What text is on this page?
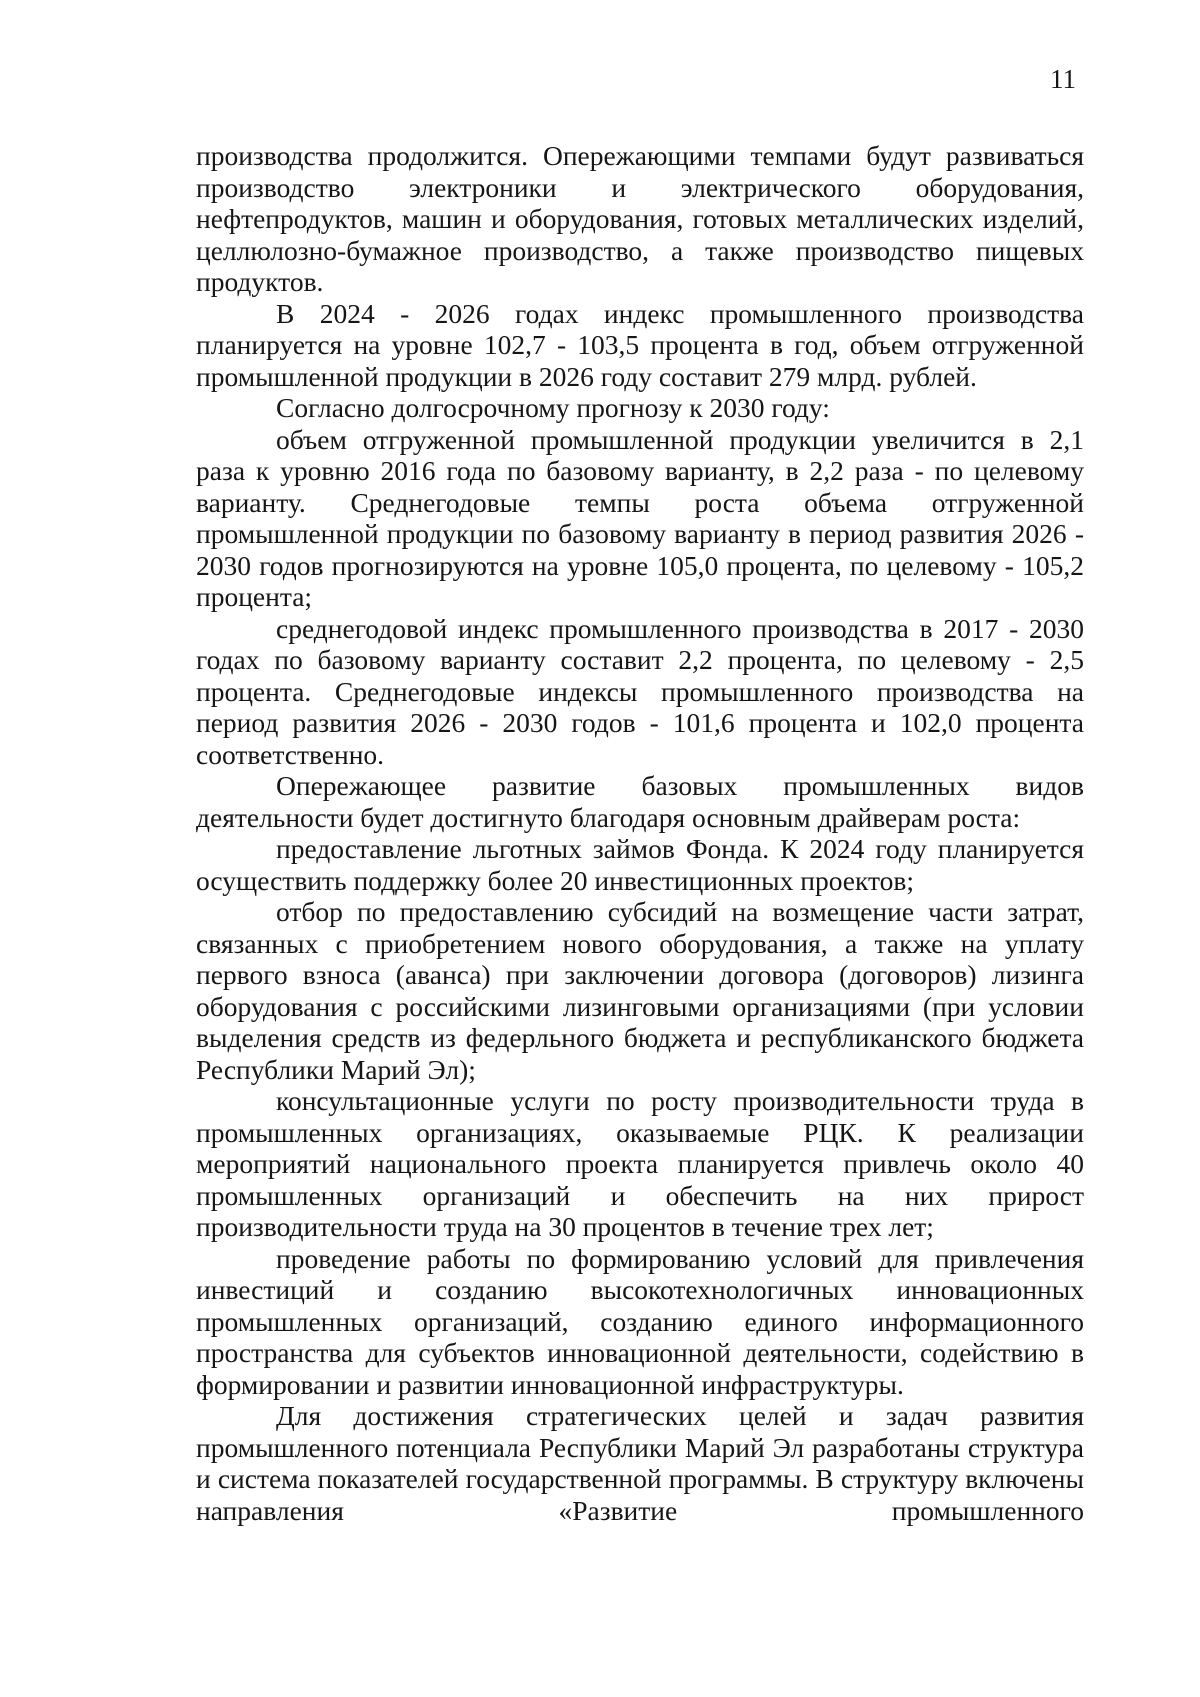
11

производства продолжится. Опережающими темпами будут развиваться производство электроники и электрического оборудования, нефтепродуктов, машин и оборудования, готовых металлических изделий, целлюлозно-бумажное производство, а также производство пищевых продуктов.

В 2024 - 2026 годах индекс промышленного производства планируется на уровне 102,7 - 103,5 процента в год, объем отгруженной промышленной продукции в 2026 году составит 279 млрд. рублей.

Согласно долгосрочному прогнозу к 2030 году:

объем отгруженной промышленной продукции увеличится в 2,1 раза к уровню 2016 года по базовому варианту, в 2,2 раза - по целевому варианту. Среднегодовые темпы роста объема отгруженной промышленной продукции по базовому варианту в период развития 2026 - 2030 годов прогнозируются на уровне 105,0 процента, по целевому - 105,2 процента;

среднегодовой индекс промышленного производства в 2017 - 2030 годах по базовому варианту составит 2,2 процента, по целевому - 2,5 процента. Среднегодовые индексы промышленного производства на период развития 2026 - 2030 годов - 101,6 процента и 102,0 процента соответственно.

Опережающее развитие базовых промышленных видов деятельности будет достигнуто благодаря основным драйверам роста:

предоставление льготных займов Фонда. К 2024 году планируется осуществить поддержку более 20 инвестиционных проектов;

отбор по предоставлению субсидий на возмещение части затрат, связанных с приобретением нового оборудования, а также на уплату первого взноса (аванса) при заключении договора (договоров) лизинга оборудования с российскими лизинговыми организациями (при условии выделения средств из федерльного бюджета и республиканского бюджета Республики Марий Эл);

консультационные услуги по росту производительности труда в промышленных организациях, оказываемые РЦК. К реализации мероприятий национального проекта планируется привлечь около 40 промышленных организаций и обеспечить на них прирост производительности труда на 30 процентов в течение трех лет;

проведение работы по формированию условий для привлечения инвестиций и созданию высокотехнологичных инновационных промышленных организаций, созданию единого информационного пространства для субъектов инновационной деятельности, содействию в формировании и развитии инновационной инфраструктуры.

Для достижения стратегических целей и задач развития промышленного потенциала Республики Марий Эл разработаны структура и система показателей государственной программы. В структуру включены направления «Развитие промышленного
